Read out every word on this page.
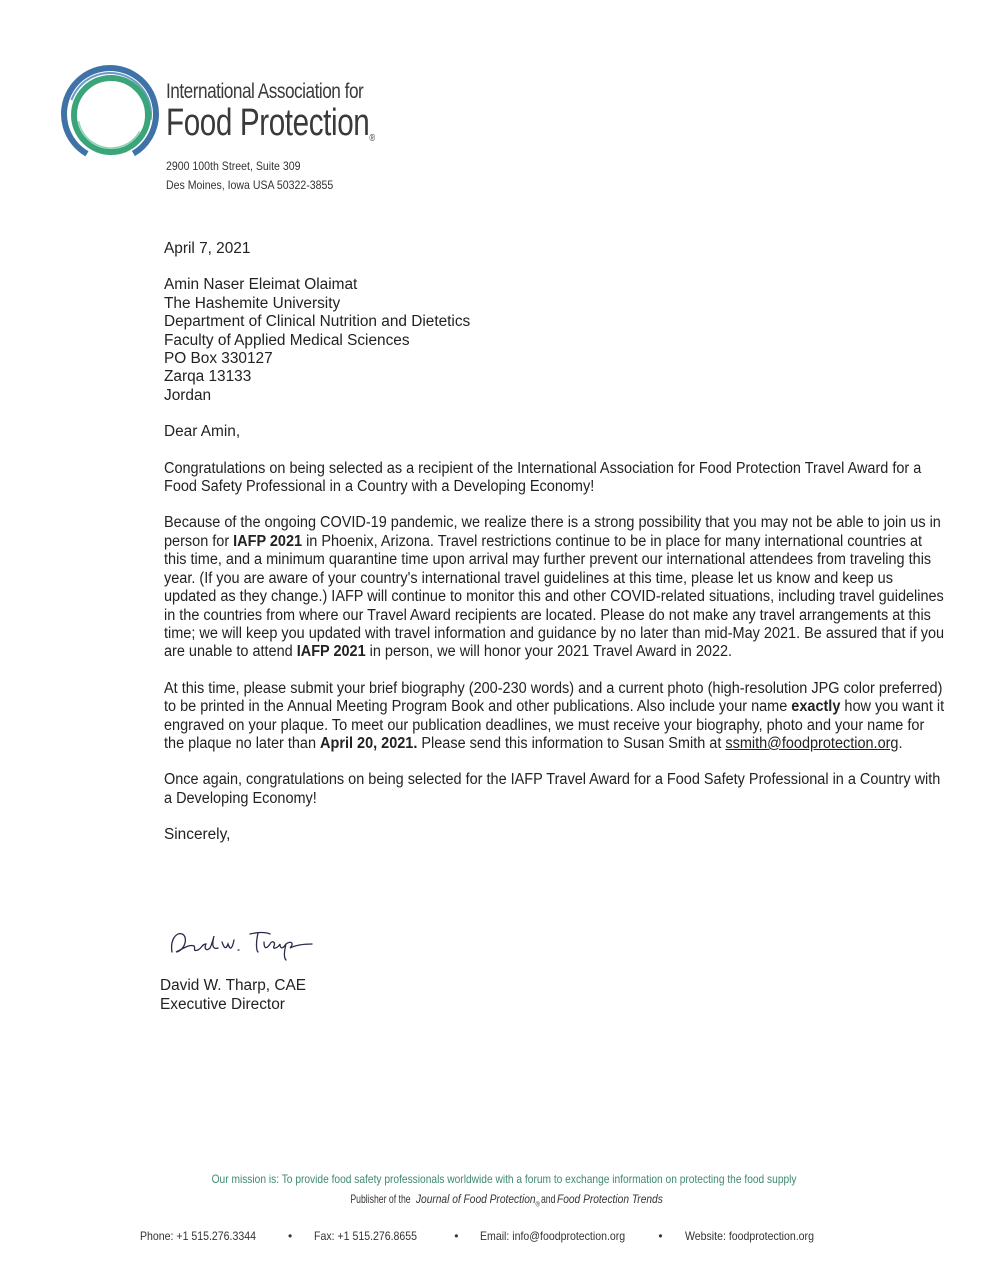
International Association for
Food Protection®
2900 100th Street, Suite 309
Des Moines, Iowa USA 50322-3855
April 7, 2021
Amin Naser Eleimat Olaimat
The Hashemite University
Department of Clinical Nutrition and Dietetics
Faculty of Applied Medical Sciences
PO Box 330127
Zarqa 13133
Jordan

Dear Amin,

Congratulations on being selected as a recipient of the International Association for Food Protection Travel Award for a Food Safety Professional in a Country with a Developing Economy!

Because of the ongoing COVID-19 pandemic, we realize there is a strong possibility that you may not be able to join us in person for IAFP 2021 in Phoenix, Arizona. Travel restrictions continue to be in place for many international countries at this time, and a minimum quarantine time upon arrival may further prevent our international attendees from traveling this year. (If you are aware of your country's international travel guidelines at this time, please let us know and keep us updated as they change.) IAFP will continue to monitor this and other COVID-related situations, including travel guidelines in the countries from where our Travel Award recipients are located. Please do not make any travel arrangements at this time; we will keep you updated with travel information and guidance by no later than mid-May 2021. Be assured that if you are unable to attend IAFP 2021 in person, we will honor your 2021 Travel Award in 2022.

At this time, please submit your brief biography (200-230 words) and a current photo (high-resolution JPG color preferred) to be printed in the Annual Meeting Program Book and other publications. Also include your name exactly how you want it engraved on your plaque. To meet our publication deadlines, we must receive your biography, photo and your name for the plaque no later than April 20, 2021. Please send this information to Susan Smith at ssmith@foodprotection.org.

Once again, congratulations on being selected for the IAFP Travel Award for a Food Safety Professional in a Country with a Developing Economy!

Sincerely,
David W. Tharp, CAE
Executive Director
Our mission is: To provide food safety professionals worldwide with a forum to exchange information on protecting the food supply
Publisher of theJournal of Food Protection$_®$andFood Protection Trends
Phone: +1 515.276.3344	• Fax: +1 515.276.8655	• Email: info@foodprotection.org	• Website: foodprotection.org
